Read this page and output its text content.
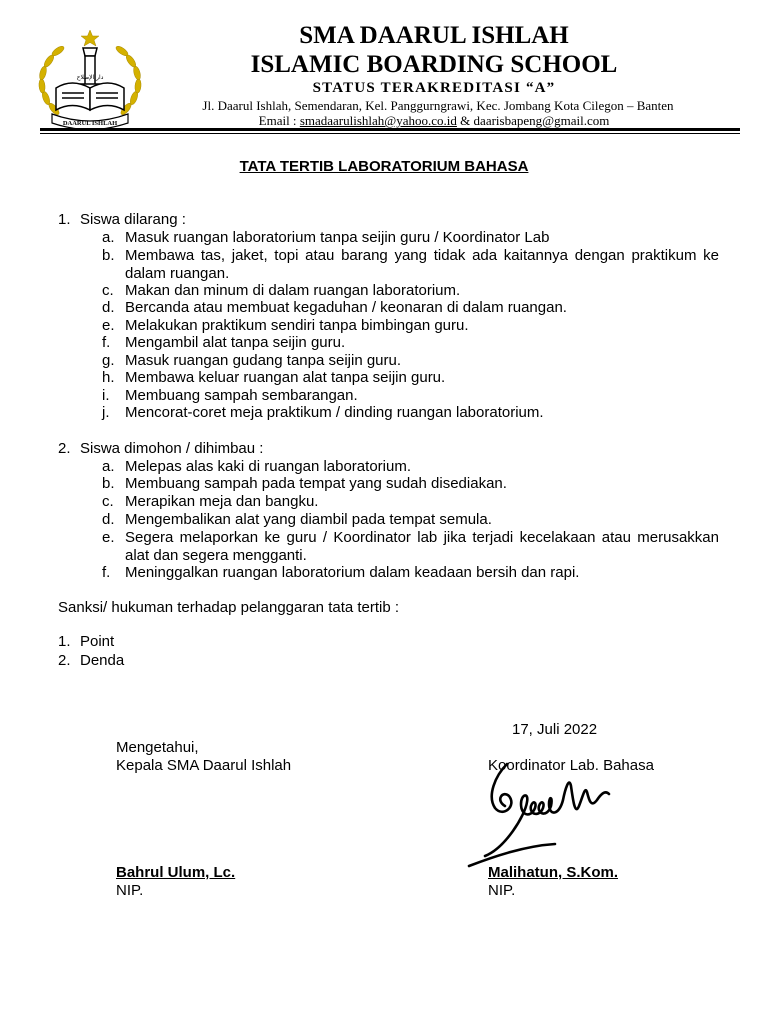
دار الإصلاح
DAARUL ISHLAH
SMA DAARUL ISHLAH
ISLAMIC BOARDING SCHOOL
STATUS TERAKREDITASI “A”
Jl. Daarul Ishlah, Semendaran, Kel. Panggurngrawi, Kec. Jombang Kota Cilegon – Banten
Email : smadaarulishlah@yahoo.co.id & daarisbapeng@gmail.com
TATA TERTIB LABORATORIUM BAHASA
1. Siswa dilarang :
a. Masuk ruangan laboratorium tanpa seijin guru / Koordinator Lab
b. Membawa tas, jaket, topi atau barang yang tidak ada kaitannya dengan praktikum ke dalam ruangan.
c. Makan dan minum di dalam ruangan laboratorium.
d. Bercanda atau membuat kegaduhan / keonaran di dalam ruangan.
e. Melakukan praktikum sendiri tanpa bimbingan guru.
f. Mengambil alat tanpa seijin guru.
g. Masuk ruangan gudang tanpa seijin guru.
h. Membawa keluar ruangan alat tanpa seijin guru.
i.	Membuang sampah sembarangan.
j.	Mencorat-coret meja praktikum / dinding ruangan laboratorium.
2. Siswa dimohon / dihimbau :
a. Melepas alas kaki di ruangan laboratorium.
b. Membuang sampah pada tempat yang sudah disediakan.
c. Merapikan meja dan bangku.
d. Mengembalikan alat yang diambil pada tempat semula.
e. Segera melaporkan ke guru / Koordinator lab jika terjadi kecelakaan atau merusakkan alat dan segera mengganti.
f. Meninggalkan ruangan laboratorium dalam keadaan bersih dan rapi.
Sanksi/ hukuman terhadap pelanggaran tata tertib :
1. Point
2. Denda
17, Juli 2022
Mengetahui,
Kepala SMA Daarul Ishlah	Koordinator Lab. Bahasa
Bahrul Ulum, Lc.	Malihatun, S.Kom.
NIP.	NIP.
